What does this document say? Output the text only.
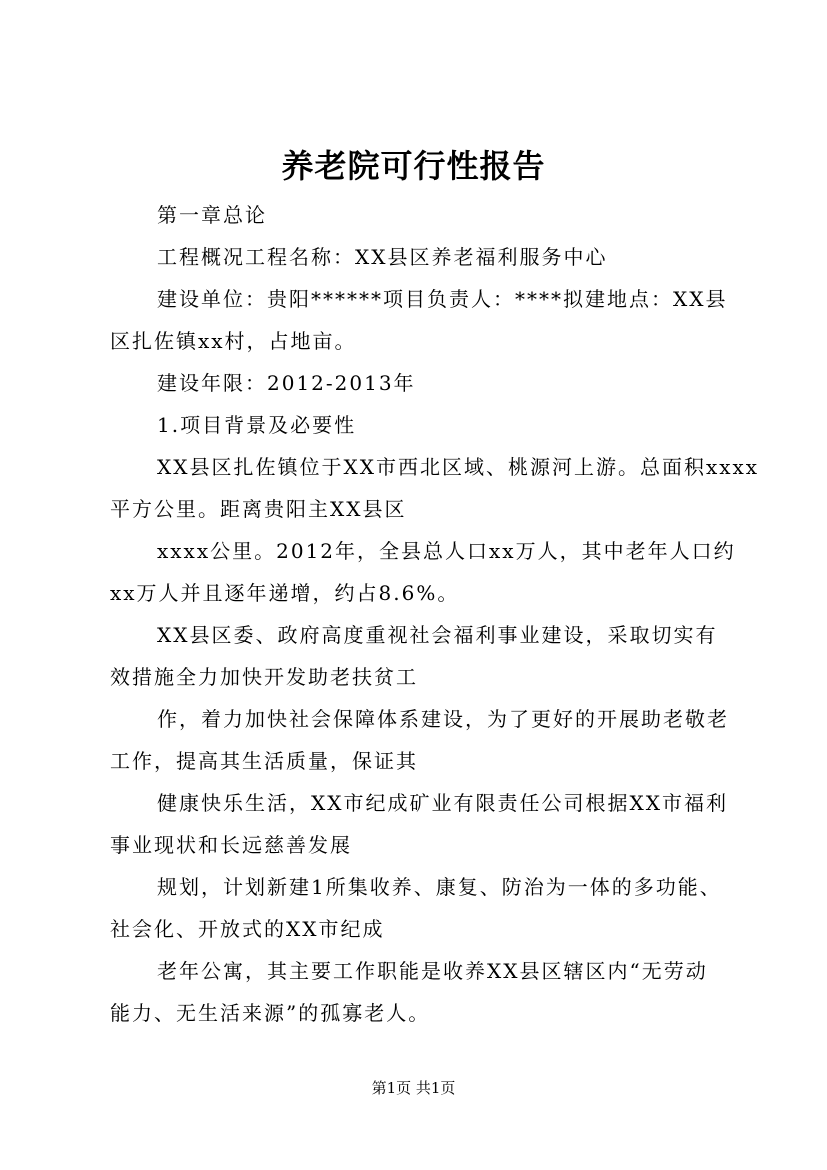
养老院可行性报告
第一章总论
工程概况工程名称：XX县区养老福利服务中心
建设单位：贵阳******项目负责人：****拟建地点：XX县
区扎佐镇xx村，占地亩。
建设年限：2012-2013年
1.项目背景及必要性
XX县区扎佐镇位于XX市西北区域、桃源河上游。总面积xxxx
平方公里。距离贵阳主XX县区
xxxx公里。2012年，全县总人口xx万人，其中老年人口约
xx万人并且逐年递增，约占8.6%。
XX县区委、政府高度重视社会福利事业建设，采取切实有
效措施全力加快开发助老扶贫工
作，着力加快社会保障体系建设，为了更好的开展助老敬老
工作，提高其生活质量，保证其
健康快乐生活，XX市纪成矿业有限责任公司根据XX市福利
事业现状和长远慈善发展
规划，计划新建1所集收养、康复、防治为一体的多功能、
社会化、开放式的XX市纪成
老年公寓，其主要工作职能是收养XX县区辖区内“无劳动
能力、无生活来源”的孤寡老人。
第1页 共1页
